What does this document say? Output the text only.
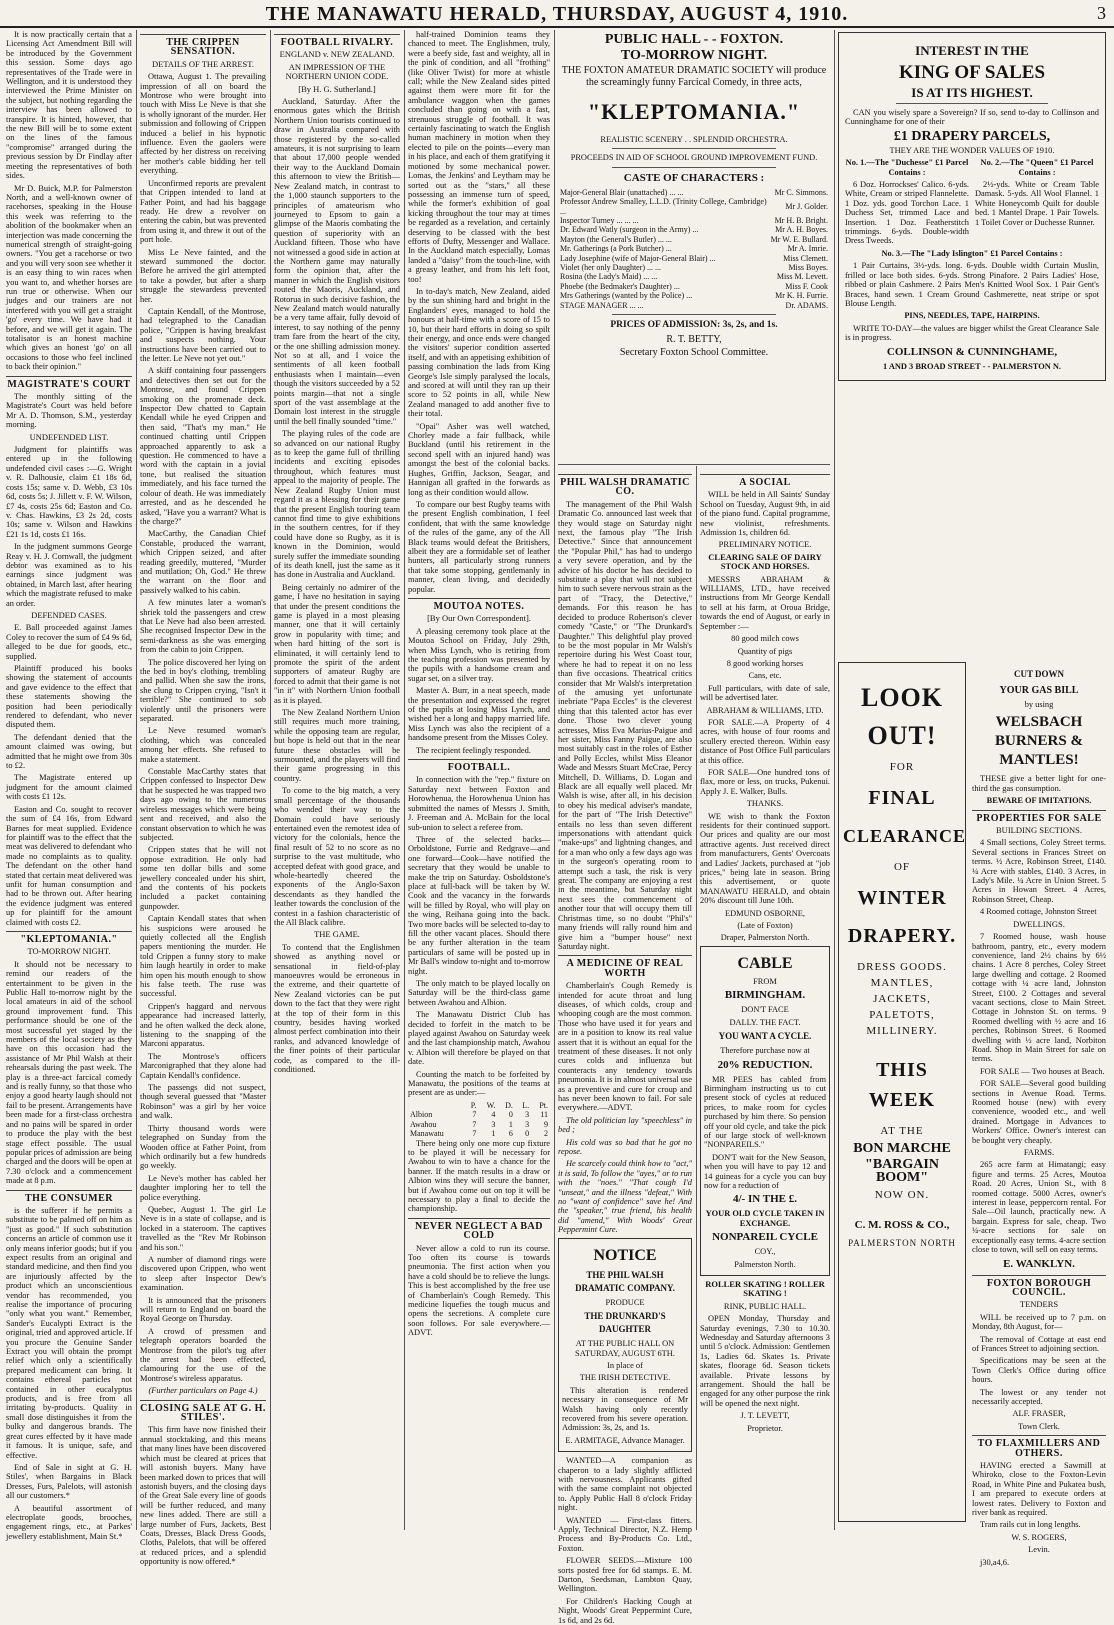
THE MANAWATU HERALD, THURSDAY, AUGUST 4, 1910.	3

It is now practically certain that a Licensing Act Amendment Bill will be introduced by the Government this session. Some days ago representatives of the Trade were in Wellington, and it is understood they interviewed the Prime Minister on the subject, but nothing regarding the interview has been allowed to transpire. It is hinted, however, that the new Bill will be to some extent on the lines of the famous "compromise" arranged during the previous session by Dr Findlay after meeting the representatives of both sides.

Mr D. Buick, M.P. for Palmerston North, and a well-known owner of racehorses, speaking in the House this week was referring to the abolition of the bookmaker when an interjection was made concerning the numerical strength of straight-going owners. "You get a racehorse or two and you will very soon see whether it is an easy thing to win races when you want to, and whether horses are run true or otherwise. When our judges and our trainers are not interfered with you will get a straight 'go' every time. We have had it before, and we will get it again. The totalisator is an honest machine which gives an honest 'go' on all occasions to those who feel inclined to back their opinion."

MAGISTRATE'S COURT

The monthly sitting of the Magistrate's Court was held before Mr A. D. Thomson, S.M., yesterday morning.

UNDEFENDED LIST.

Judgment for plaintiffs was entered up in the following undefended civil cases :—G. Wright v. R. Dalhousie, claim £1 18s 6d, costs 15s; same v. D. Webb, £3 10s 6d, costs 5s; J. Jillett v. F. W. Wilson, £7 4s, costs 25s 6d; Easton and Co. v. Chas. Hawkins, £3 2s 2d, costs 10s; same v. Wilson and Hawkins £21 1s 1d, costs £1 16s.

In the judgment summons George Reay v. H. J. Cornwall, the judgment debtor was examined as to his earnings since judgment was obtained, in March last, after hearing which the magistrate refused to make an order.

DEFENDED CASES.

E. Ball proceeded against James Coley to recover the sum of £4 9s 6d, alleged to be due for goods, etc., supplied.

Plaintiff produced his books showing the statement of accounts and gave evidence to the effect that these statements showing the position had been periodically rendered to defendant, who never disputed them.

The defendant denied that the amount claimed was owing, but admitted that he might owe from 30s to £2.

The Magistrate entered up judgment for the amount claimed with costs £1 12s.

Easton and Co. sought to recover the sum of £4 16s, from Edward Barnes for meat supplied. Evidence for plaintiff was to the effect that the meat was delivered to defendant who made no complaints as to quality. The defendant on the other hand stated that certain meat delivered was unfit for human consumption and had to be thrown out. After hearing the evidence judgment was entered up for plaintiff for the amount claimed with costs £2.

"KLEPTOMANIA."
TO-MORROW NIGHT.

It should not be necessary to remind our readers of the entertainment to be given in the Public Hall to-morrow night by the local amateurs in aid of the school ground improvement fund. This performance should be one of the most successful yet staged by the members of the local society as they have on this occasion had the assistance of Mr Phil Walsh at their rehearsals during the past week. The play is a three-act farcical comedy and is really funny, so that those who enjoy a good hearty laugh should not fail to be present. Arrangements have been made for a first-class orchestra and no pains will be spared in order to produce the play with the best stage effect possible. The usual popular prices of admission are being charged and the doors will be open at 7.30 o'clock and a commencement made at 8 p.m.

THE CONSUMER

is the sufferer if he permits a substitute to be palmed off on him as "just as good." If such substitution concerns an article of common use it only means inferior goods; but if you expect results from an original and standard medicine, and then find you are injuriously affected by the product which an unconscientious vendor has recommended, you realise the importance of procuring "only what you want." Remember, Sander's Eucalypti Extract is the original, tried and approved article. If you procure the Genuine Sander Extract you will obtain the prompt relief which only a scientifically prepared medicament can bring. It contains ethereal particles not contained in other eucalyptus products, and is free from all irritating by-products. Quality in small dose distinguishes it from the bulky and dangerous brands. The great cures effected by it have made it famous. It is unique, safe, and effective.

End of Sale in sight at G. H. Stiles', when Bargains in Black Dresses, Furs, Palelots, will astonish all our customers.*

A beautiful assortment of electroplate goods, brooches, engagement rings, etc., at Parkes' jewellery establishment, Main St.*

THE CRIPPEN SENSATION.
DETAILS OF THE ARREST.

Ottawa, August 1. The prevailing impression of all on board the Montrose who were brought into touch with Miss Le Neve is that she is wholly ignorant of the murder. Her submission and following of Crippen induced a belief in his hypnotic influence. Even the gaolers were affected by her distress on receiving her mother's cable bidding her tell everything.

Unconfirmed reports are prevalent that Crippen intended to land at Father Point, and had his baggage ready. He drew a revolver on entering the cabin, but was prevented from using it, and threw it out of the port hole.

Miss Le Neve fainted, and the steward summoned the doctor. Before he arrived the girl attempted to take a powder, but after a sharp struggle the stewardess prevented her.

Captain Kendall, of the Montrose, had telegraphed to the Canadian police, "Crippen is having breakfast and suspects nothing. Your instructions have been carried out to the letter. Le Neve not yet out."

A skiff containing four passengers and detectives then set out for the Montrose, and found Crippen smoking on the promenade deck. Inspector Dew chatted to Captain Kendall while he eyed Crippen and then said, "That's my man." He continued chatting until Crippen approached apparently to ask a question. He commenced to have a word with the captain in a jovial tone, but realised the situation immediately, and his face turned the colour of death. He was immediately arrested, and as he descended he asked, "Have you a warrant? What is the charge?"

MacCarthy, the Canadian Chief Constable, produced the warrant, which Crippen seized, and after reading greedily, muttered, "Murder and mutilation; Oh, God." He threw the warrant on the floor and passively walked to his cabin.

A few minutes later a woman's shriek told the passengers and crew that Le Neve had also been arrested. She recognised Inspector Dew in the semi-darkness as she was emerging from the cabin to join Crippen.

The police discovered her lying on the bed in boy's clothing, trembling and pallid. When she saw the irons, she clung to Crippen crying, "Isn't it terrible?" She continued to sob violently until the prisoners were separated.

Le Neve resumed woman's clothing, which was concealed among her effects. She refused to make a statement.

Constable MacCarthy states that Crippen confessed to Inspector Dew that he suspected he was trapped two days ago owing to the numerous wireless messages which were being sent and received, and also the constant observation to which he was subjected.

Crippen states that he will not oppose extradition. He only had some ten dollar bills and some jewellery concealed under his shirt, and the contents of his pockets included a packet containing gunpowder.

Captain Kendall states that when his suspicions were aroused he quietly collected all the English papers mentioning the murder. He told Crippen a funny story to make him laugh heartily in order to make him open his mouth enough to show his false teeth. The ruse was successful.

Crippen's haggard and nervous appearance had increased latterly, and he often walked the deck alone, listening to the snapping of the Marconi apparatus.

The Montrose's officers Marconigraphed that they alone had Captain Kendall's confidence.

The passengs did not suspect, though several guessed that "Master Robinson" was a girl by her voice and walk.

Thirty thousand words were telegraphed on Sunday from the Wooden office at Father Point, from which ordinarily but a few hundreds go weekly.

Le Neve's mother has cabled her daughter imploring her to tell the police everything.

Quebec, August 1. The girl Le Neve is in a state of collapse, and is locked in a stateroom. The captives travelled as the "Rev Mr Robinson and his son."

A number of diamond rings were discovered upon Crippen, who went to sleep after Inspector Dew's examination.

It is announced that the prisoners will return to England on board the Royal George on Thursday.

A crowd of pressmen and telegraph operators boarded the Montrose from the pilot's tug after the arrest had been effected, clamouring for the use of the Montrose's wireless apparatus.

(Further particulars on Page 4.)

CLOSING SALE AT G. H. STILES'.

This firm have now finished their annual stocktaking, and this means that many lines have been discovered which must be cleared at prices that will astonish buyers. Many have been marked down to prices that will astonish buyers, and the closing days of the Great Sale every line of goods will be further reduced, and many new lines added. There are still a large number of Furs, Jackets, Best Coats, Dresses, Black Dress Goods, Cloths, Palelots, that will be offered at reduced prices, and a splendid opportunity is now offered.*

FOOTBALL RIVALRY.
ENGLAND v. NEW ZEALAND.
AN IMPRESSION OF THE NORTHERN UNION CODE.
[By H. G. Sutherland.]

Auckland, Saturday. After the enormous gates which the British Northern Union tourists continued to draw in Australia compared with those registered by the so-called amateurs, it is not surprising to learn that about 17,000 people wended their way to the Auckland Domain this afternoon to view the British—New Zealand match, in contrast to the 1,000 staunch supporters to the principles of amateurism who journeyed to Epsom to gain a glimpse of the Maoris combating the question of superiority with an Auckland fifteen. Those who have not witnessed a good side in action at the Northern game may naturally form the opinion that, after the manner in which the English visitors routed the Maoris, Auckland, and Rotorua in such decisive fashion, the New Zealand match would naturally be a very tame affair, fully devoid of interest, to say nothing of the penny tram fare from the heart of the city, or the one shilling admission money. Not so at all, and I voice the sentiments of all keen football enthusiasts when I maintain—even though the visitors succeeded by a 52 points margin—that not a single sport of the vast assemblage at the Domain lost interest in the struggle until the bell finally sounded "time."

The playing rules of the code are so advanced on our national Rugby as to keep the game full of thrilling incidents and exciting episodes throughout, which features must appeal to the majority of people. The New Zealand Rugby Union must regard it as a blessing for their game that the present English touring team cannot find time to give exhibitions in the southern centres, for if they could have done so Rugby, as it is known in the Dominion, would surely suffer the immediate sounding of its death knell, just the same as it has done in Australia and Auckland.

Being certainly no admirer of the game, I have no hesitation in saying that under the present conditions the game is played in a most pleasing manner, one that it will certainly grow in popularity with time; and when hard hitting of the sort is eliminated, it will certainly lend to promote the spirit of the ardent supporters of amateur Rugby are forced to admit that their game is not "in it" with Northern Union football as it is played.

The New Zealand Northern Union still requires much more training, while the opposing team are regular, but hope is held out that in the near future these obstacles will be surmounted, and the players will find their game progressing in this country.

To come to the big match, a very small percentage of the thousands who wended their way to the Domain could have seriously entertained even the remotest idea of victory for the colonials, hence the final result of 52 to no score as no surprise to the vast multitude, who accepted defeat with good grace, and whole-heartedly cheered the exponents of the Anglo-Saxon descendants as they handled the leather towards the conclusion of the contest in a fashion characteristic of the All Black calibre.

THE GAME.

To contend that the Englishmen showed as anything novel or sensational in field-of-play manoeuvres would be erroneous in the extreme, and their quartette of New Zealand victories can be put down to the fact that they were right at the top of their form in this country, besides having worked almost perfect combination into their ranks, and advanced knowledge of the finer points of their particular code, as compared to the ill-conditioned.

half-trained Dominion teams they chanced to meet. The Englishmen, truly, were a beefy side, fast and weighty, all in the pink of condition, and all "frothing" (like Oliver Twist) for more at whistle call; while the New Zealand sides pitted against them were more fit for the ambulance waggon when the games concluded than going on with a fast, strenuous struggle of football. It was certainly fascinating to watch the English human machinery in motion when they elected to pile on the points—every man in his place, and each of them gratifying it motioned by some mechanical power. Lomas, the Jenkins' and Leytham may be sorted out as the "stars," all these possessing an immense turn of speed, while the former's exhibition of goal kicking throughout the tour may at times be regarded as a revelation, and certainly deserving to be classed with the best efforts of Dufty, Messenger and Wallace. In the Auckland match especially, Lomas landed a "daisy" from the touch-line, with a greasy leather, and from his left foot, too!

In to-day's match, New Zealand, aided by the sun shining hard and bright in the Englanders' eyes, managed to hold the honours at half-time with a score of 15 to 10, but their hard efforts in doing so spilt their energy, and once ends were changed the visitors' superior condition asserted itself, and with an appetising exhibition of passing combination the lads from King George's Isle simply paralysed the locals, and scored at will until they ran up their score to 52 points in all, while New Zealand managed to add another five to their total.

"Opai" Asher was well watched, Chorley made a fair fullback, while Buckland (until his retirement in the second spell with an injured hand) was amongst the best of the colonial backs. Hughes, Griffin, Jackson, Seagar, and Hannigan all grafted in the forwards as long as their condition would allow.

To compare our best Rugby teams with the present English combination, I feel confident, that with the same knowledge of the rules of the game, any of the All Black teams would defeat the Britishers, albeit they are a formidable set of leather hunters, all particularly strong runners that take some stopping, gentlemanly in manner, clean living, and decidedly popular.

MOUTOA NOTES.
[By Our Own Correspondent].

A pleasing ceremony took place at the Moutoa School on Friday, July 29th, when Miss Lynch, who is retiring from the teaching profession was presented by the pupils with a handsome cream and sugar set, on a silver tray.

Master A. Burr, in a neat speech, made the presentation and expressed the regret of the pupils at losing Miss Lynch, and wished her a long and happy married life. Miss Lynch was also the recipient of a handsome present from the Misses Coley.

The recipient feelingly responded.

FOOTBALL.

In connection with the "rep." fixture on Saturday next between Foxton and Horowhenua, the Horowhenua Union has submitted the names of Messrs J. Smith, J. Freeman and A. McBain for the local sub-union to select a referee from.

Three of the selected backs—Orboldstone, Furrie and Redgrave—and one forward—Cook—have notified the secretary that they would be unable to make the trip on Saturday. Osboldstone's place at full-back will be taken by W. Cook and the vacancy in the forwards will be filled by Royal, who will play on the wing, Reihana going into the back. Two more backs will be selected to-day to fill the other vacant places. Should there be any further alteration in the team particulars of same will be posted up in Mr Ball's window to-night and to-morrow night.

The only match to be played locally on Saturday will be the third-class game between Awahou and Albion.

The Manawatu District Club has decided to forfeit in the match to be played against Awahou on Saturday week and the last championship match, Awahou v. Albion will therefore be played on that date.

Counting the match to be forfeited by Manawatu, the positions of the teams at present are as under:—

	P.	W.	D.	L.	Pt.
Albion	7	4	0	3	11
Awahou	7	3	1	3	9
Manawatu	7	1	6	0	2

There being only one more cup fixture to be played it will be necessary for Awahou to win to have a chance for the banner. If the match results in a draw or Albion wins they will secure the banner, but if Awahou come out on top it will be necessary to play a final to decide the championship.

NEVER NEGLECT A BAD COLD

Never allow a cold to run its course. Too often its course is towards pneumonia. The first action when you have a cold should be to relieve the lungs. This is best accomplished by the free use of Chamberlain's Cough Remedy. This medicine liquefies the tough mucus and opens the secretions. A complete cure soon follows. For sale everywhere.—ADVT.

PUBLIC HALL - - FOXTON.
TO-MORROW NIGHT.

THE FOXTON AMATEUR DRAMATIC SOCIETY will produce the screamingly funny Farcical Comedy, in three acts,

"KLEPTOMANIA."

REALISTIC SCENERY . . SPLENDID ORCHESTRA.

PROCEEDS IN AID OF SCHOOL GROUND IMPROVEMENT FUND.

CASTE OF CHARACTERS :
Major-General Blair (unattached) ... ...	Mr C. Simmons.
Professor Andrew Smalley, L.L.D. (Trinity College, Cambridge) ...	Mr J. Golder.
Inspector Turney ... ... ...	Mr H. B. Bright.
Dr. Edward Watly (surgeon in the Army) ...	Mr A. H. Boyes.
Mayton (the General's Butler) ... ...	Mr W. E. Bullard.
Mr. Gatherings (a Pork Butcher) ...	Mr A. Imrie.
Lady Josephine (wife of Major-General Blair) ...	Miss Clemett.
Violet (her only Daughter) ... ...	Miss Boyes.
Rosina (the Lady's Maid) ... ...	Miss M. Levett.
Phoebe (the Bedmaker's Daughter) ...	Miss F. Cook
Mrs Gatherings (wanted by the Police) ...	Mr K. H. Furrie.
STAGE MANAGER ... ...	Dr. ADAMS.
PRICES OF ADMISSION: 3s, 2s, and 1s.

R. T. BETTY,

Secretary Foxton School Committee.

PHIL WALSH DRAMATIC CO.

The management of the Phil Walsh Dramatic Co. announced last week that they would stage on Saturday night next, the famous play "The Irish Detective." Since that announcement the "Popular Phil," has had to undergo a very severe operation, and by the advice of his doctor he has decided to substitute a play that will not subject him to such severe nervous strain as the part of "Tracy, the Detective," demands. For this reason he has decided to produce Robertson's clever comedy "Caste," or "The Drunkard's Daughter." This delightful play proved to be the most popular in Mr Walsh's repertoire during his West Coast tour, where he had to repeat it on no less than five occasions. Theatrical critics consider that Mr Walsh's interpretation of the amusing yet unfortunate inebriate "Papa Eccles" is the cleverest thing that this talented actor has ever done. Those two clever young actresses, Miss Eva Marius-Paigue and her sister, Miss Fanny Paigue, are also most suitably cast in the roles of Esther and Polly Eccles, whilst Miss Eleanor Wade and Messrs Stuart McCrae, Percy Mitchell, D. Williams, D. Logan and Black are all equally well placed. Mr Walsh is wise, after all, in his decision to obey his medical adviser's mandate, for the part of "The Irish Detective" entails no less than seven different impersonations with attendant quick "make-ups" and lightning changes, and for a man who only a few days ago was in the surgeon's operating room to attempt such a task, the risk is very great. The company are enjoying a rest in the meantime, but Saturday night next sees the commencement of another tour that will occupy them till Christmas time, so no doubt "Phil's" many friends will rally round him and give him a "bumper house" next Saturday night.

A MEDICINE OF REAL WORTH

Chamberlain's Cough Remedy is intended for acute throat and lung diseases, of which colds, croup and whooping cough are the most common. Those who have used it for years and are in a position to know its real value assert that it is without an equal for the treatment of these diseases. It not only cures colds and influenza but counteracts any tendency towards pneumonia. It is in almost universal use as a preventive and cure for croup and has never been known to fail. For sale everywhere.—ADVT.

The old politician lay "speechless" in bed ;

His cold was so bad that he got no repose.

He scarcely could think how to "act," it is said, To follow the "ayes," or to run with the "noes." "That cough I'd "unseat," and the illness "defeat," With no "want of confidence" save he! And the "speaker," true friend, his health did "amend," With Woods' Great Peppermint Cure.

NOTICE
THE PHIL WALSH DRAMATIC COMPANY.

PRODUCE

THE DRUNKARD'S DAUGHTER

AT THE PUBLIC HALL ON SATURDAY, AUGUST 6TH.

In place of

THE IRISH DETECTIVE.

This alteration is rendered necessary in consequence of Mr Walsh having only recently recovered from his severe operation. Admission: 3s, 2s, and 1s.

E. ARMITAGE, Advance Manager.

WANTED—A companion as chaperon to a lady slightly afflicted with nervousness. Applicants gifted with the same complaint not objected to. Apply Public Hall 8 o'clock Friday night.

WANTED — First-class fitters. Apply, Technical Director, N.Z. Hemp Process and By-Products Co. Ltd., Foxton.

FLOWER SEEDS.—Mixture 100 sorts posted free for 6d stamps. E. M. Darton, Seedsman, Lambton Quay, Wellington.

For Children's Hacking Cough at Night, Woods' Great Peppermint Cure, 1s 6d, and 2s 6d.

A SOCIAL

WILL be held in All Saints' Sunday School on Tuesday, August 9th, in aid of the piano fund. Capital programme, new violinist, refreshments. Admission 1s, children 6d.

PRELIMINARY NOTICE.
CLEARING SALE OF DAIRY STOCK AND HORSES.

MESSRS ABRAHAM & WILLIAMS, LTD., have received instructions from Mr George Kendall to sell at his farm, at Oroua Bridge, towards the end of August, or early in September :—

80 good milch cows

Quantity of pigs

8 good working horses

Cans, etc.

Full particulars, with date of sale, will be advertised later.

ABRAHAM & WILLIAMS, LTD.

FOR SALE.—A Property of 4 acres, with house of four rooms and scullery erected thereon. Within easy distance of Post Office Full particulars at this office.

FOR SALE—One hundred tons of flax, more or less, on trucks, Pukenui. Apply J. E. Walker, Bulls.

THANKS.

WE wish to thank the Foxton residents for their continued support. Our prices and quality are our most attractive agents. Just received direct from manufacturers, Gents' Overcoats and Ladies' Jackets, purchased at "job prices," being late in season. Bring this advertisement, or quote MANAWATU HERALD, and obtain 20% discount till June 10th.

EDMUND OSBORNE,

(Late of Foxton)

Draper, Palmerston North.

CABLE

FROM

BIRMINGHAM.

DON'T FACE

DALLY. THE FACT.

YOU WANT A CYCLE.

Therefore purchase now at

20% REDUCTION.

MR PEES has cabled from Birmingham instructing us to cut present stock of cycles at reduced prices, to make room for cycles purchased by him there. So pension off your old cycle, and take the pick of our large stock of well-known "NONPAREILS."

DON'T wait for the New Season, when you will have to pay 12 and 14 guineas for a cycle you can buy now for a reduction of

4/- IN THE £.

YOUR OLD CYCLE TAKEN IN EXCHANGE.

NONPAREIL CYCLE

COY.,

Palmerston North.

ROLLER SKATING ! ROLLER SKATING !
RINK, PUBLIC HALL.

OPEN Monday, Thursday and Saturday evenings, 7.30 to 10.30. Wednesday and Saturday afternoons 3 until 5 o'clock. Admission: Gentlemen 1s, Ladies 6d. Skates 1s. Private skates, floorage 6d. Season tickets available. Private lessons by arrangement. Should the hall be engaged for any other purpose the rink will be opened the next night.

J. T. LEVETT,

Proprietor.

INTEREST IN THE
KING OF SALES
IS AT ITS HIGHEST.

CAN you wisely spare a Sovereign? If so, send to-day to Collinson and Cunninghame for one of their

£1 DRAPERY PARCELS,

THEY ARE THE WONDER VALUES OF 1910.

No. 1.—The "Duchesse" £1 Parcel Contains :

6 Doz. Horrockses' Calico. 6-yds. White, Cream or striped Flannelette. 1 Doz. yds. good Torchon Lace. 1 Duchess Set, trimmed Lace and Insertion. 1 Doz. Featherstitch trimmings. 6-yds. Double-width Dress Tweeds.

No. 2.—The "Queen" £1 Parcel Contains :

2½-yds. White or Cream Table Damask. 5-yds. All Wool Flannel. 1 White Honeycomb Quilt for double bed. 1 Mantel Drape. 1 Pair Towels. 1 Toilet Cover or Duchesse Runner.

No. 3.—The "Lady Islington" £1 Parcel Contains :

1 Pair Curtains, 3½-yds. long. 6-yds. Double width Curtain Muslin, frilled or lace both sides. 6-yds. Strong Pinafore. 2 Pairs Ladies' Hose, ribbed or plain Cashmere. 2 Pairs Men's Knitted Wool Sox. 1 Pair Gent's Braces, hand sewn. 1 Cream Ground Cashmerette, neat stripe or spot Blouse Length.

PINS, NEEDLES, TAPE, HAIRPINS.

WRITE TO-DAY—the values are bigger whilst the Great Clearance Sale is in progress.

COLLINSON & CUNNINGHAME,

1 AND 3 BROAD STREET - - PALMERSTON N.

LOOK
OUT!
FOR
FINAL
CLEARANCE
OF
WINTER
DRAPERY.
DRESS GOODS.
MANTLES,
JACKETS,
PALETOTS,
MILLINERY.
THIS WEEK
AT THE
BON MARCHE
"BARGAIN BOOM"
NOW ON.
C. M. ROSS & CO.,
PALMERSTON NORTH
CUT DOWN
YOUR GAS BILL

by using

WELSBACH BURNERS & MANTLES!

THESE give a better light for one-third the gas consumption.

BEWARE OF IMITATIONS.

PROPERTIES FOR SALE
BUILDING SECTIONS.

4 Small sections, Coley Street terms. Several sections in Frances Street on terms. ½ Acre, Robinson Street, £140. ¼ Acre with stables, £140. 3 Acres, in Lady's Mile. ¼ Acre in Union Street. 5 Acres in Howan Street. 4 Acres, Robinson Street, Cheap.

4 Roomed cottage, Johnston Street

DWELLINGS.

7 Roomed house, wash house bathroom, pantry, etc., every modern convenience, land 2½ chains by 6½ chains. 1 Acre 8 perches, Coley Street large dwelling and cottage. 2 Roomed cottage with ¼ acre land, Johnston Street, £100. 2 Cottages and several vacant sections, close to Main Street. Cottage in Johnston St. on terms. 9 Roomed dwelling with ½ acre and 16 perches, Robinson Street. 6 Roomed dwelling with ½ acre land, Norbiton Road. Shop in Main Street for sale on terms.

FOR SALE — Two houses at Beach.

FOR SALE—Several good building sections in Avenue Road. Terms. Roomed house (new) with every convenience, wooded etc., and well drained. Mortgage in Advances to Workers' Office. Owner's interest can be bought very cheaply.

FARMS.

265 acre farm at Himatangi; easy figure and terms. 25 Acres, Moutoa Road. 20 Acres, Union St., with 8 roomed cottage. 5000 Acres, owner's interest in lease, peppercorn rental. For Sale—Oil launch, practically new. A bargain. Express for sale, cheap. Two ¼-acre sections for sale on exceptionally easy terms. 4-acre section close to town, will sell on easy terms.

E. WANKLYN.
FOXTON BOROUGH COUNCIL.
TENDERS

WILL be received up to 7 p.m. on Monday, 8th August, for—

The removal of Cottage at east end of Frances Street to adjoining section.

Specifications may be seen at the Town Clerk's Office during office hours.

The lowest or any tender not necessarily accepted.

ALF. FRASER,

Town Clerk.

TO FLAXMILLERS AND OTHERS.

HAVING erected a Sawmill at Whiroko, close to the Foxton-Levin Road, in White Pine and Pukatea bush, I am prepared to execute orders at lowest rates. Delivery to Foxton and river bank as required.

Tram rails cut in long lengths.

W. S. ROGERS,

Levin.

j30,a4,6.
